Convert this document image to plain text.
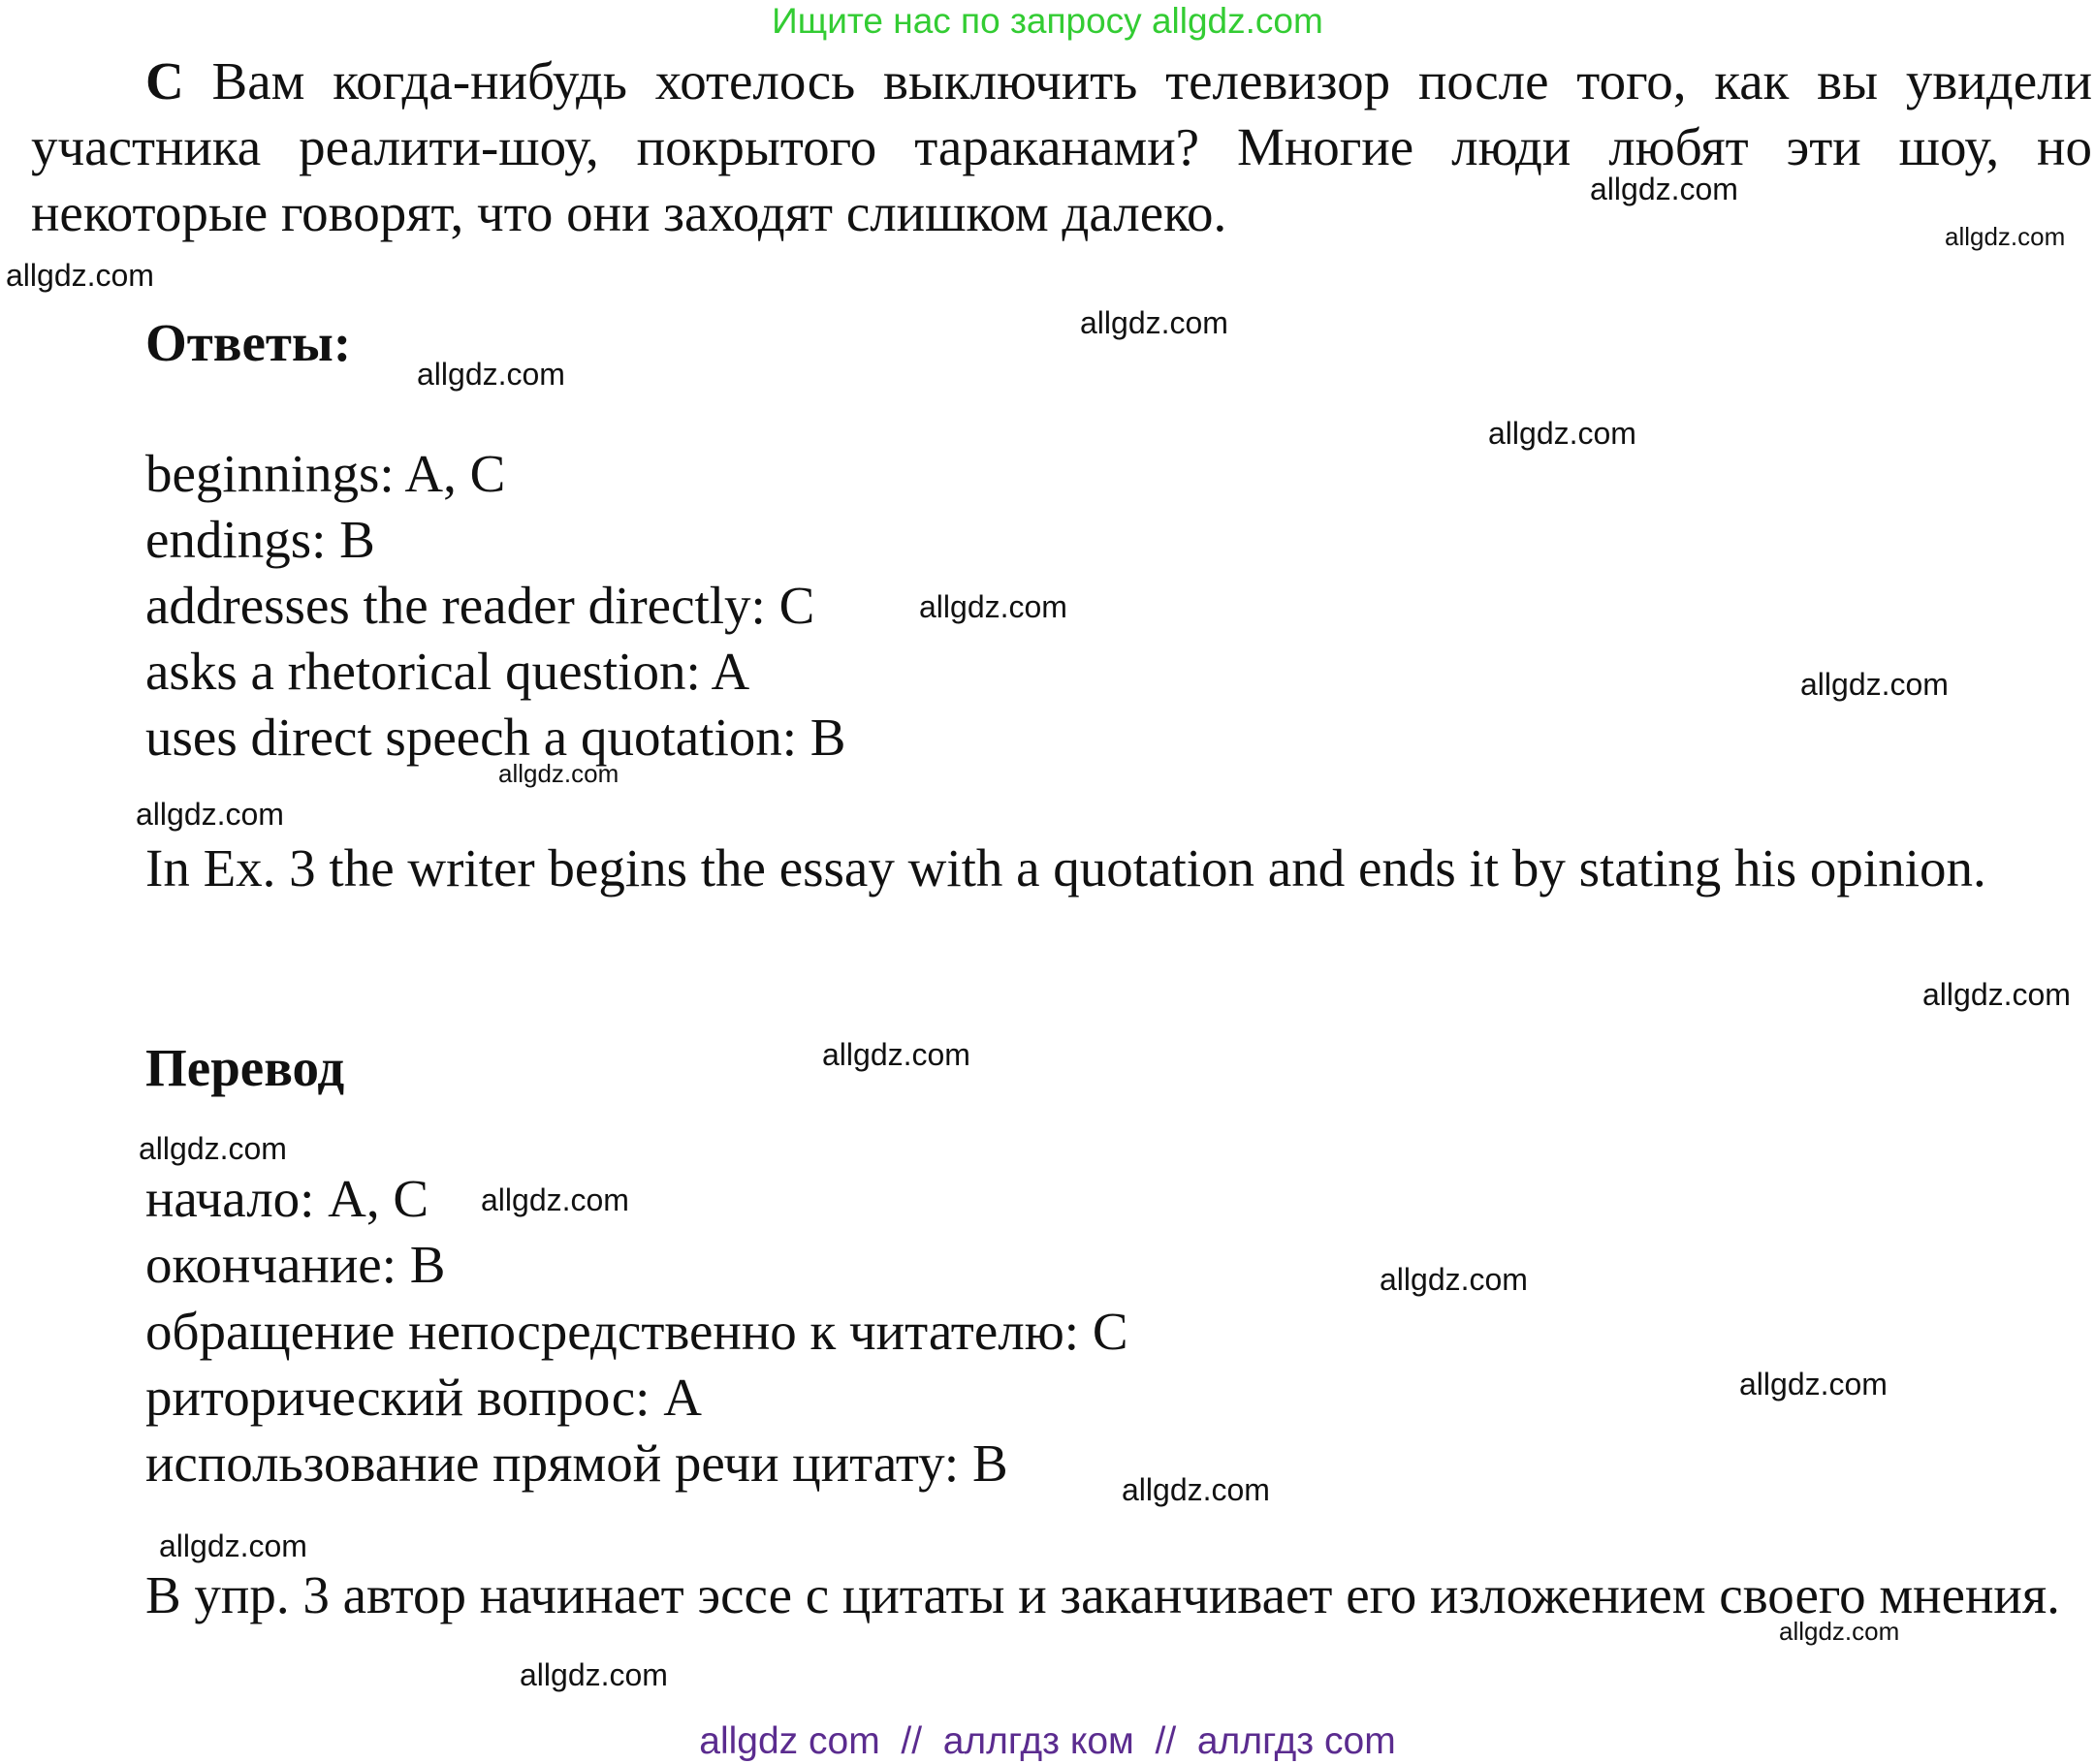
Ищите нас по запросу allgdz.com
C Вам когда-нибудь хотелось выключить телевизор после того, как вы увидели участника реалити-шоу, покрытого тараканами? Многие люди любят эти шоу, но некоторые говорят, что они заходят слишком далеко.
Ответы:
beginnings: A, C
endings: B
addresses the reader directly: C
asks a rhetorical question: A
uses direct speech a quotation: B
In Ex. 3 the writer begins the essay with a quotation and ends it by stating his opinion.
Перевод
начало: A, C
окончание: B
обращение непосредственно к читателю: C
риторический вопрос: A
использование прямой речи цитату: B
В упр. 3 автор начинает эссе с цитаты и заканчивает его изложением своего мнения.
allgdz.com
allgdz.com
allgdz.com
allgdz.com
allgdz.com
allgdz.com
allgdz.com
allgdz.com
allgdz.com
allgdz.com
allgdz.com
allgdz.com
allgdz.com
allgdz.com
allgdz.com
allgdz.com
allgdz.com
allgdz.com
allgdz.com
allgdz.com
allgdz com  //  аллгдз ком  //  аллгдз com
